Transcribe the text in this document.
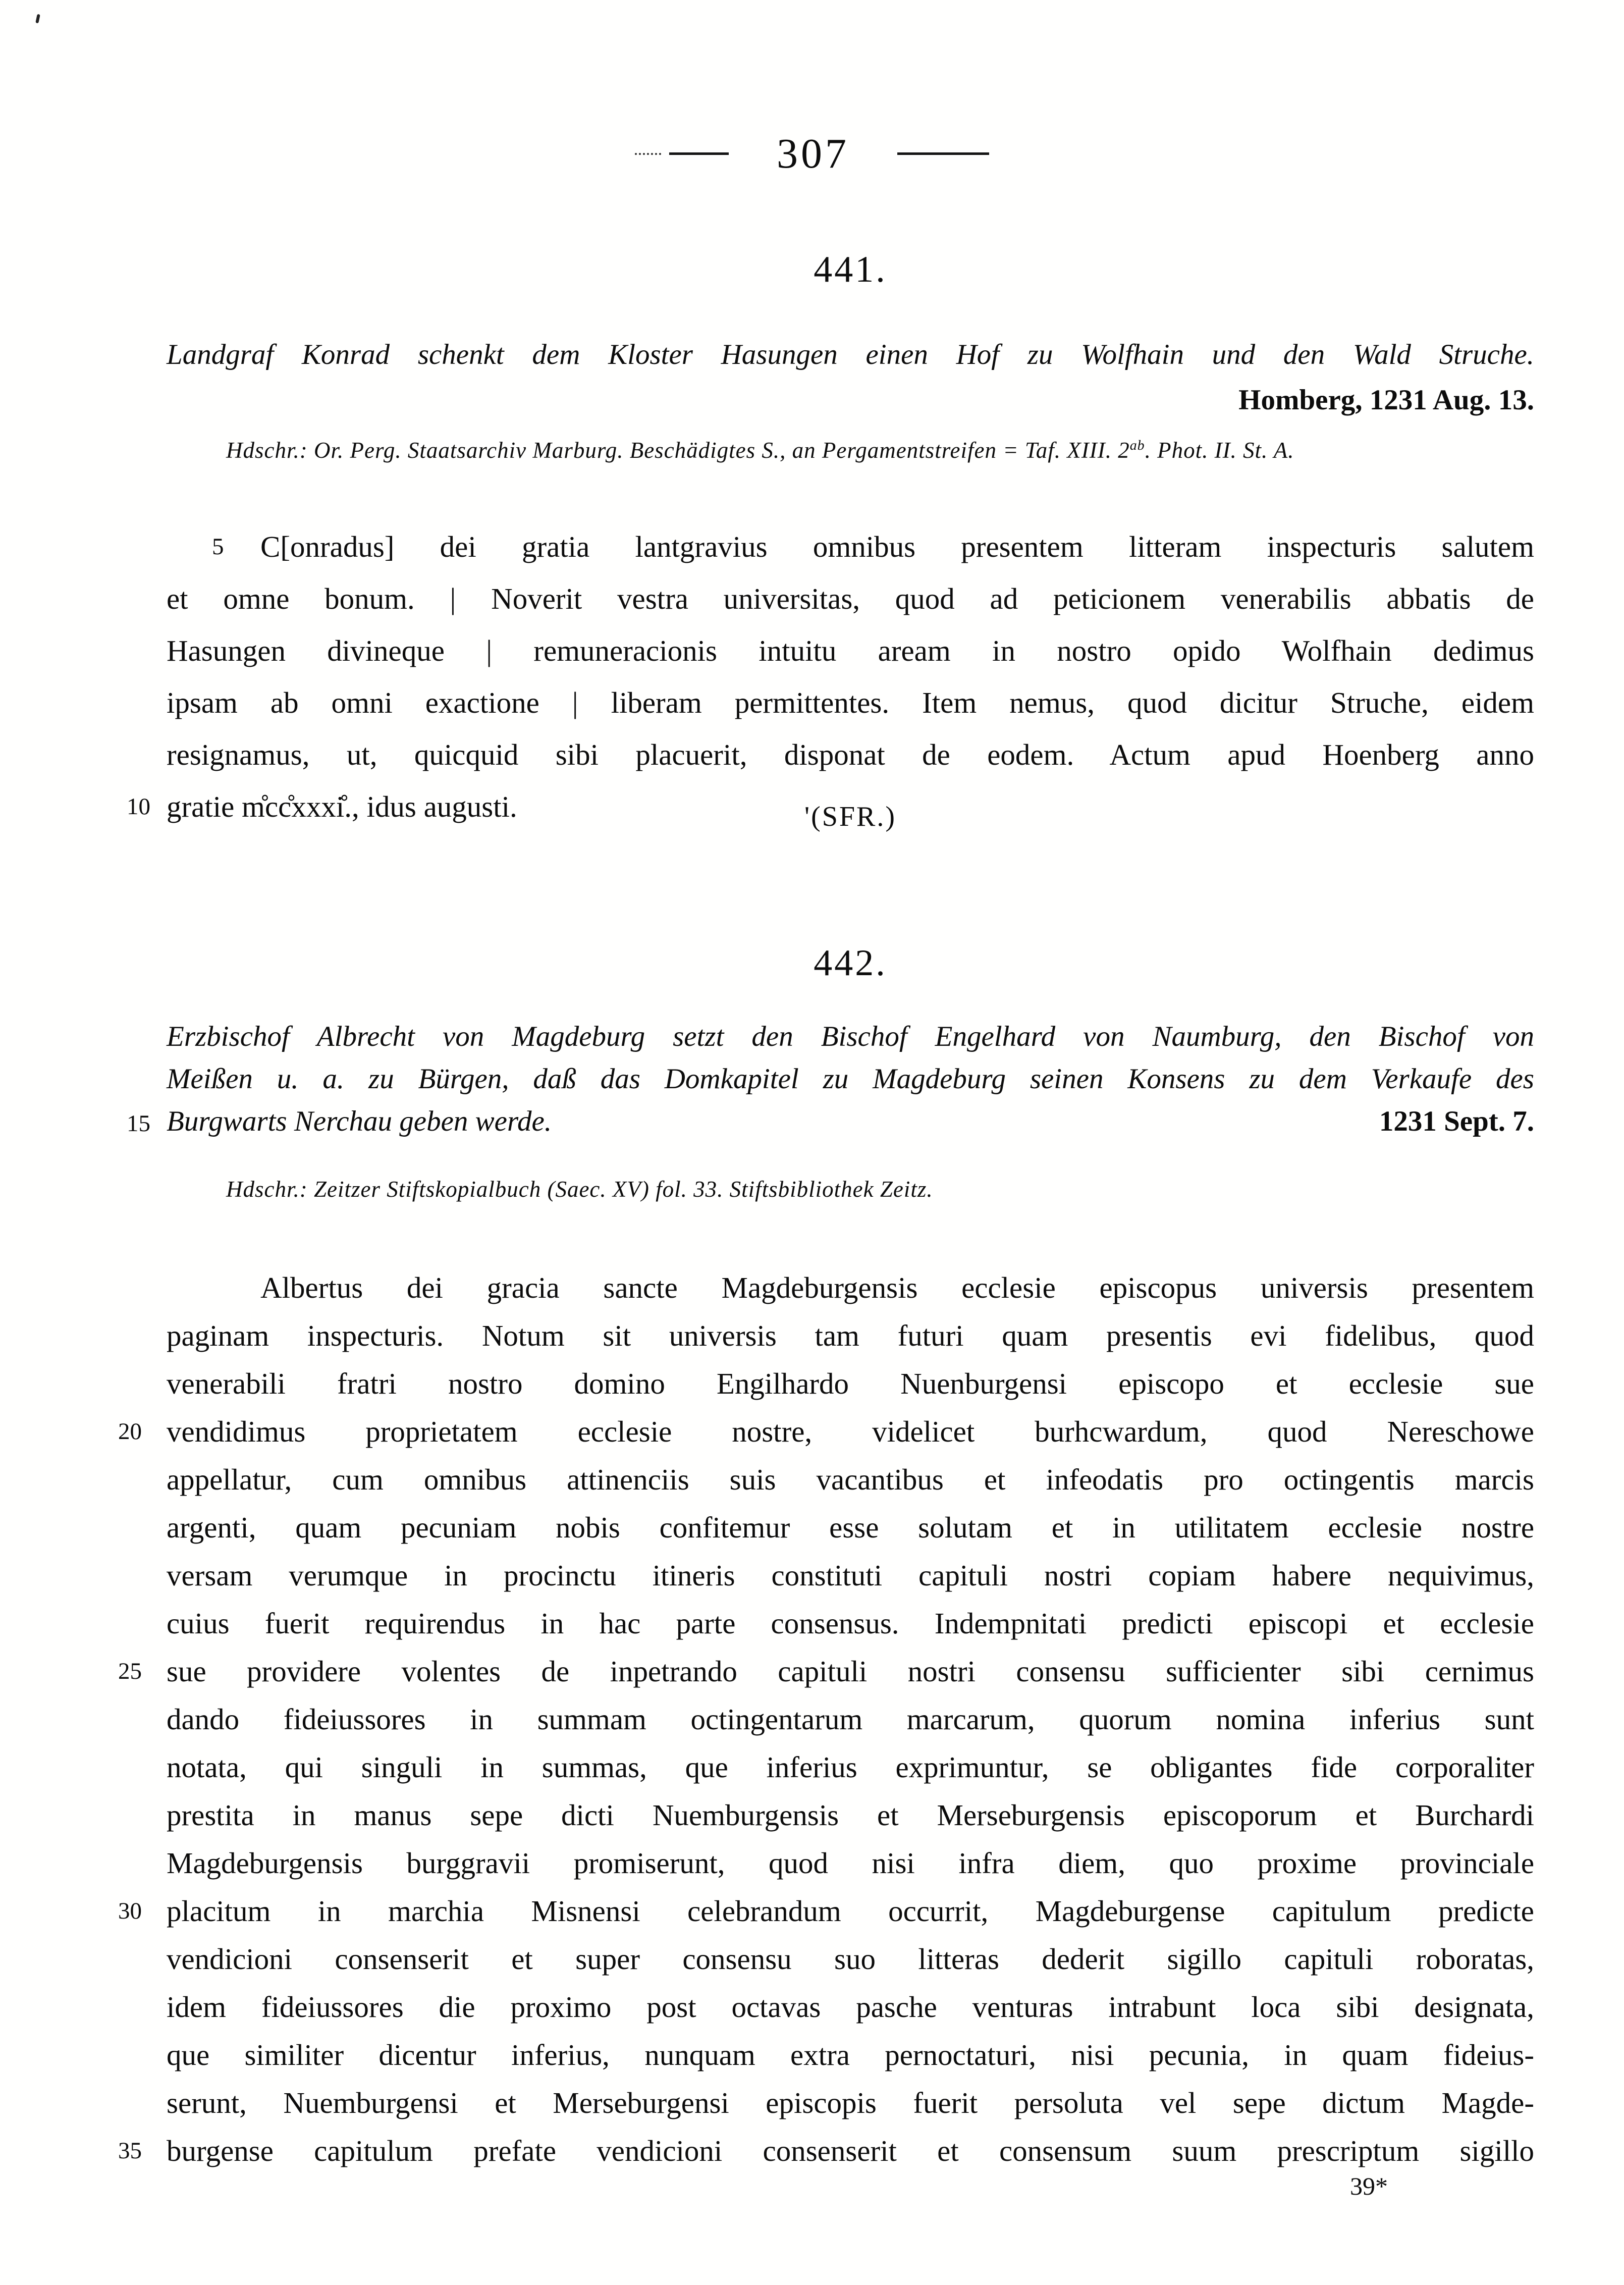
307
441.
Landgraf Konrad schenkt dem Kloster Hasungen einen Hof zu Wolfhain und den Wald Struche.
Homberg, 1231 Aug. 13.
Hdschr.: Or. Perg. Staatsarchiv Marburg. Beschädigtes S., an Pergamentstreifen = Taf. XIII. $2^{ab}$. Phot. II. St. A.
5 C[onradus] dei gratia lantgravius omnibus presentem litteram inspecturis salutem
et omne bonum. | Noverit vestra universitas, quod ad peticionem venerabilis abbatis de
Hasungen divineque | remuneracionis intuitu aream in nostro opido Wolfhain dedimus
ipsam ab omni exactione | liberam permittentes. Item nemus, quod dicitur Struche, eidem
resignamus, ut, quicquid sibi placuerit, disponat de eodem. Actum apud Hoenberg anno
10 gratie m̊cc̊xxxi̊., idus augusti.	'(SFR.)
442.
Erzbischof Albrecht von Magdeburg setzt den Bischof Engelhard von Naumburg, den Bischof von
Meißen u. a. zu Bürgen, daß das Domkapitel zu Magdeburg seinen Konsens zu dem Verkaufe des
15 Burgwarts Nerchau geben werde.	1231 Sept. 7.
Hdschr.: Zeitzer Stiftskopialbuch (Saec. XV) fol. 33. Stiftsbibliothek Zeitz.
Albertus dei gracia sancte Magdeburgensis ecclesie episcopus universis presentem
paginam inspecturis. Notum sit universis tam futuri quam presentis evi fidelibus, quod
venerabili fratri nostro domino Engilhardo Nuenburgensi episcopo et ecclesie sue
20 vendidimus proprietatem ecclesie nostre, videlicet burhcwardum, quod Nereschowe
appellatur, cum omnibus attinenciis suis vacantibus et infeodatis pro octingentis marcis
argenti, quam pecuniam nobis confitemur esse solutam et in utilitatem ecclesie nostre
versam verumque in procinctu itineris constituti capituli nostri copiam habere nequivimus,
cuius fuerit requirendus in hac parte consensus. Indempnitati predicti episcopi et ecclesie
25 sue providere volentes de inpetrando capituli nostri consensu sufficienter sibi cernimus
dando fideiussores in summam octingentarum marcarum, quorum nomina inferius sunt
notata, qui singuli in summas, que inferius exprimuntur, se obligantes fide corporaliter
prestita in manus sepe dicti Nuemburgensis et Merseburgensis episcoporum et Burchardi
Magdeburgensis burggravii promiserunt, quod nisi infra diem, quo proxime provinciale
30 placitum in marchia Misnensi celebrandum occurrit, Magdeburgense capitulum predicte
vendicioni consenserit et super consensu suo litteras dederit sigillo capituli roboratas,
idem fideiussores die proximo post octavas pasche venturas intrabunt loca sibi designata,
que similiter dicentur inferius, nunquam extra pernoctaturi, nisi pecunia, in quam fideius-
serunt, Nuemburgensi et Merseburgensi episcopis fuerit persoluta vel sepe dictum Magde-
35 burgense capitulum prefate vendicioni consenserit et consensum suum prescriptum sigillo
39*
